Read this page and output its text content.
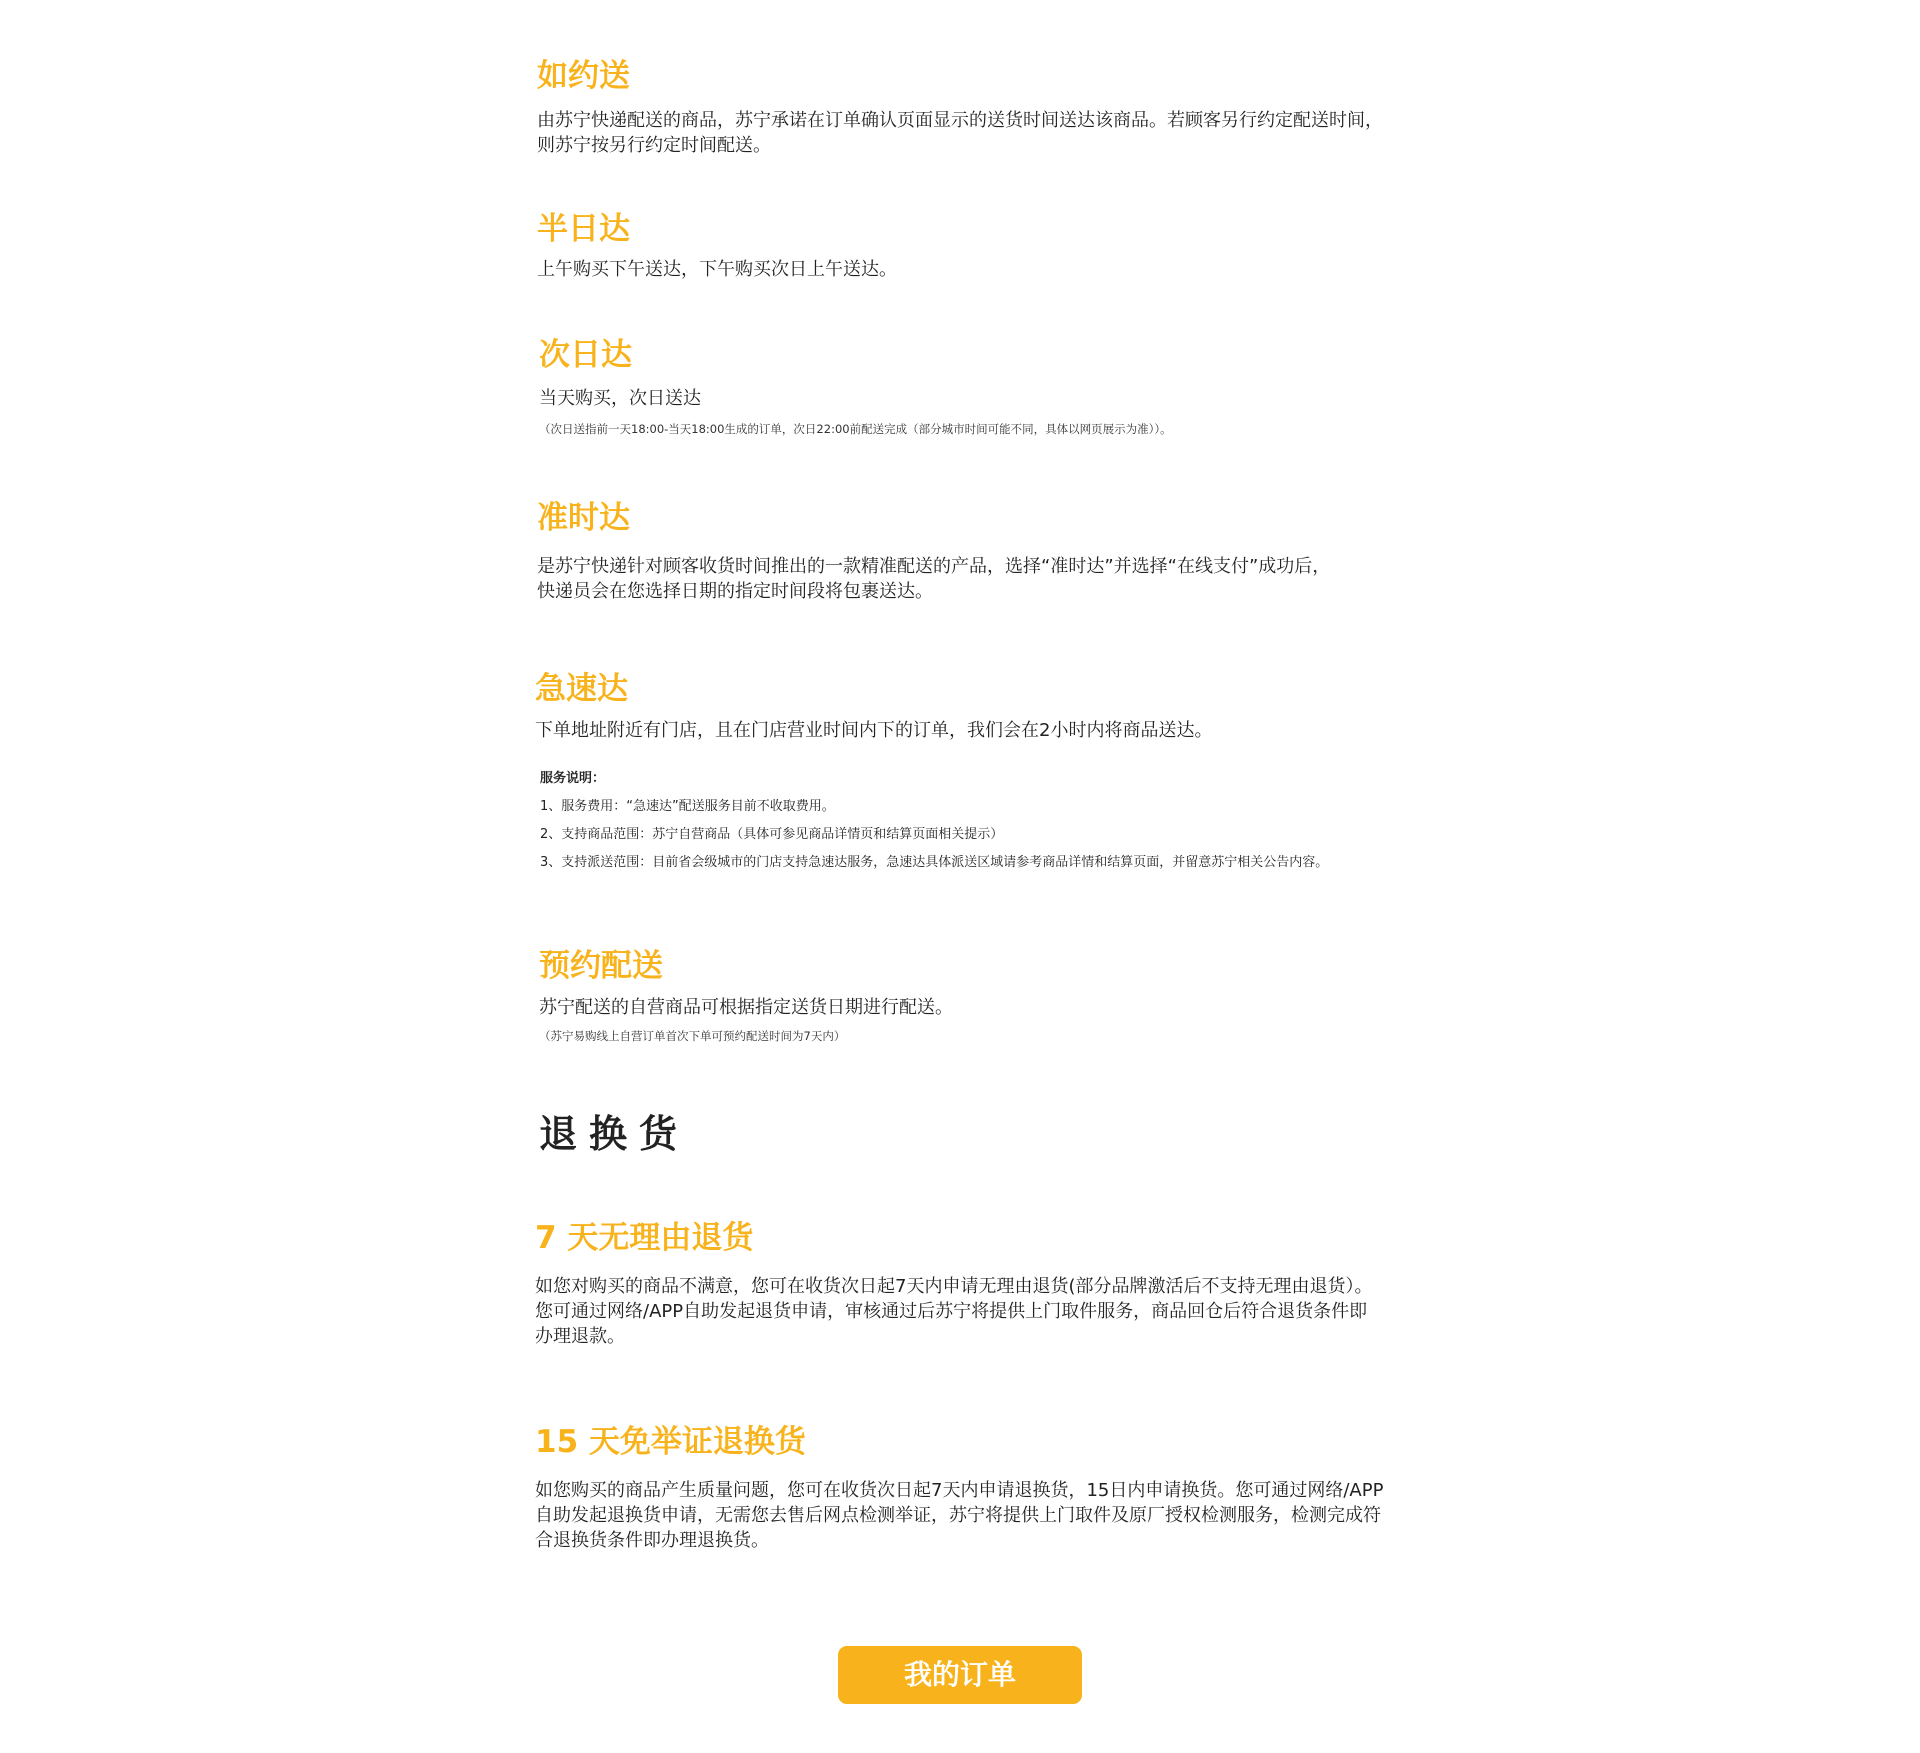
如约送
由苏宁快递配送的商品，苏宁承诺在订单确认页面显示的送货时间送达该商品。若顾客另行约定配送时间，
则苏宁按另行约定时间配送。
半日达
上午购买下午送达，下午购买次日上午送达。
次日达
当天购买，次日送达
（次日送指前一天18:00-当天18:00生成的订单，次日22:00前配送完成（部分城市时间可能不同，具体以网页展示为准））。
准时达
是苏宁快递针对顾客收货时间推出的一款精准配送的产品，选择“准时达”并选择“在线支付”成功后，
快递员会在您选择日期的指定时间段将包裹送达。
急速达
下单地址附近有门店，且在门店营业时间内下的订单，我们会在2小时内将商品送达。
服务说明：
1、服务费用：“急速达”配送服务目前不收取费用。
2、支持商品范围：苏宁自营商品（具体可参见商品详情页和结算页面相关提示）
3、支持派送范围：目前省会级城市的门店支持急速达服务，急速达具体派送区域请参考商品详情和结算页面，并留意苏宁相关公告内容。
预约配送
苏宁配送的自营商品可根据指定送货日期进行配送。
（苏宁易购线上自营订单首次下单可预约配送时间为7天内）
退换货
7 天无理由退货
如您对购买的商品不满意，您可在收货次日起7天内申请无理由退货(部分品牌激活后不支持无理由退货）。
您可通过网络/APP自助发起退货申请，审核通过后苏宁将提供上门取件服务，商品回仓后符合退货条件即
办理退款。
15 天免举证退换货
如您购买的商品产生质量问题，您可在收货次日起7天内申请退换货，15日内申请换货。您可通过网络/APP
自助发起退换货申请，无需您去售后网点检测举证，苏宁将提供上门取件及原厂授权检测服务，检测完成符
合退换货条件即办理退换货。
我的订单
